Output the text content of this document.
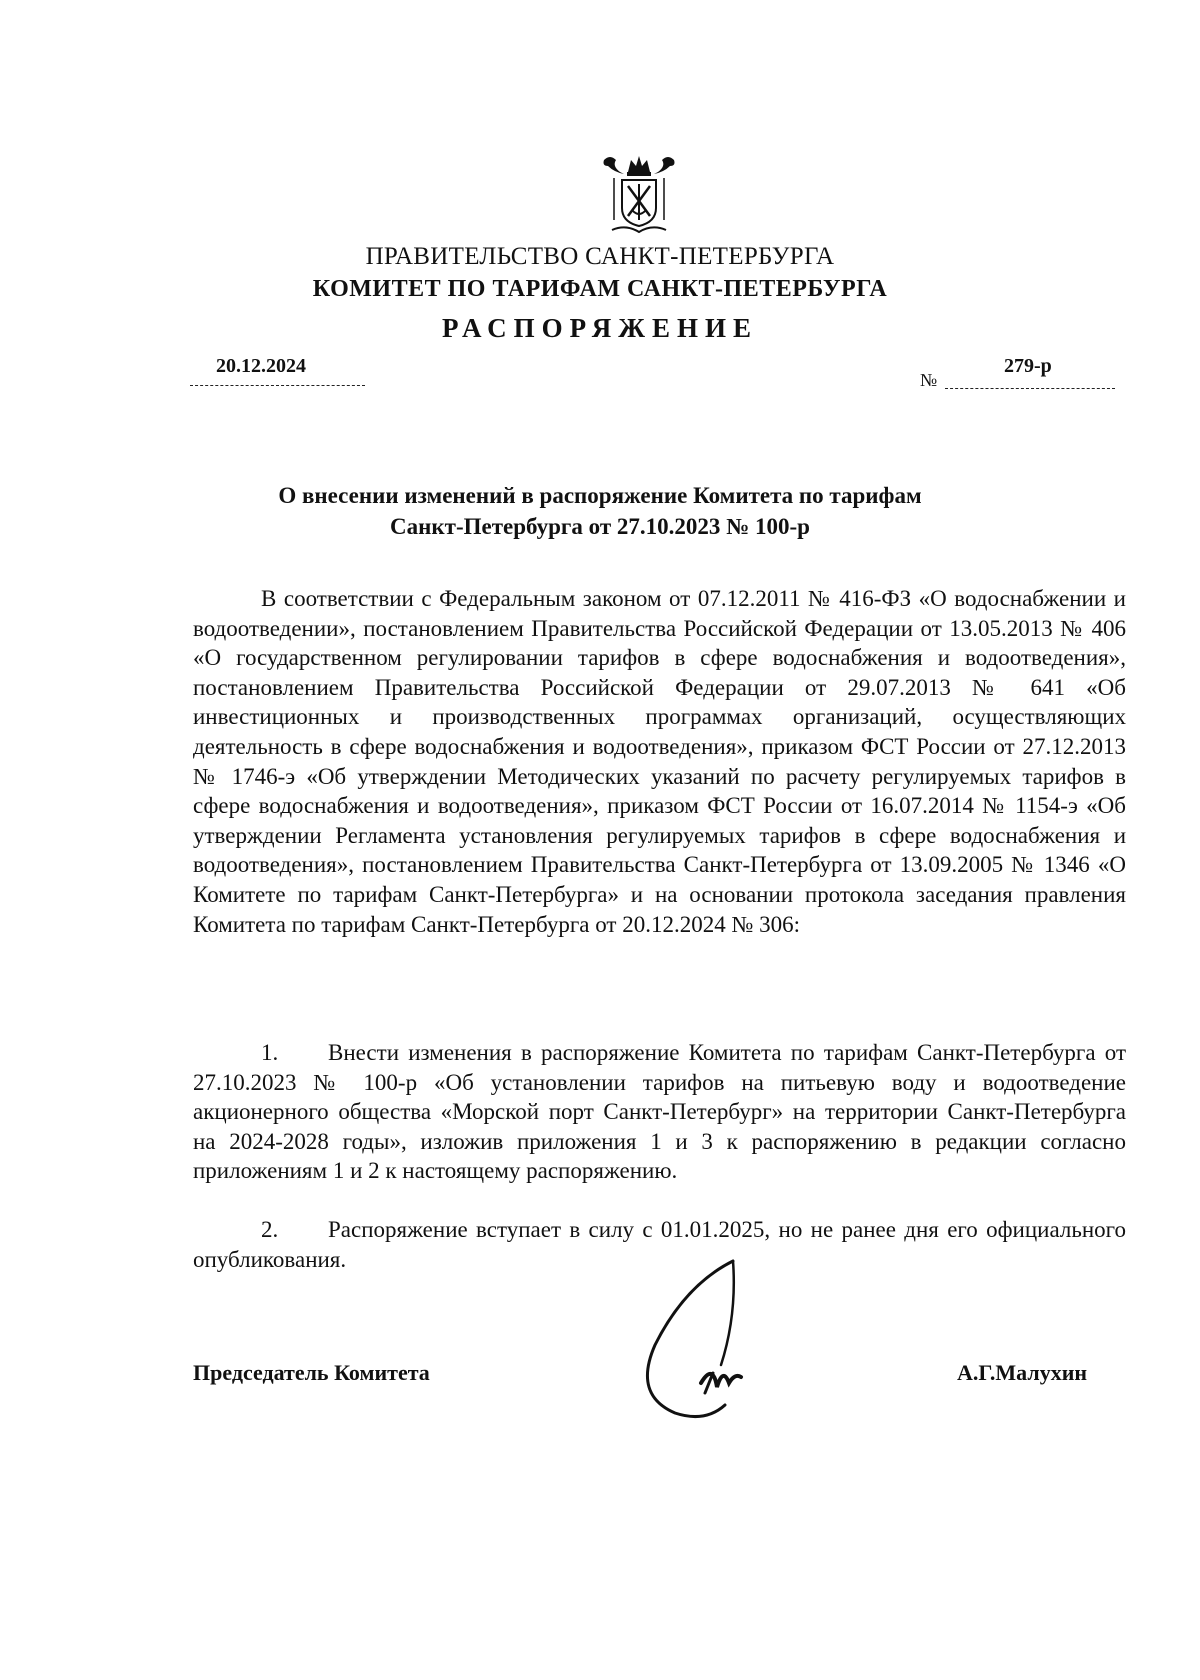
ПРАВИТЕЛЬСТВО САНКТ-ПЕТЕРБУРГА
КОМИТЕТ ПО ТАРИФАМ САНКТ-ПЕТЕРБУРГА
РАСПОРЯЖЕНИЕ
20.12.2024
№
279-р
О внесении изменений в распоряжение Комитета по тарифам
Санкт-Петербурга от 27.10.2023 № 100-р

В соответствии с Федеральным законом от 07.12.2011 № 416-ФЗ «О водоснабжении и водоотведении», постановлением Правительства Российской Федерации от 13.05.2013 № 406 «О государственном регулировании тарифов в сфере водоснабжения и водоотведения», постановлением Правительства Российской Федерации от 29.07.2013 № 641 «Об инвестиционных и производственных программах организаций, осуществляющих деятельность в сфере водоснабжения и водоотведения», приказом ФСТ России от 27.12.2013 № 1746-э «Об утверждении Методических указаний по расчету регулируемых тарифов в сфере водоснабжения и водоотведения», приказом ФСТ России от 16.07.2014 № 1154-э «Об утверждении Регламента установления регулируемых тарифов в сфере водоснабжения и водоотведения», постановлением Правительства Санкт-Петербурга от 13.09.2005 № 1346 «О Комитете по тарифам Санкт-Петербурга» и на основании протокола заседания правления Комитета по тарифам Санкт-Петербурга от 20.12.2024 № 306:

1. Внести изменения в распоряжение Комитета по тарифам Санкт-Петербурга от 27.10.2023 № 100-р «Об установлении тарифов на питьевую воду и водоотведение акционерного общества «Морской порт Санкт-Петербург» на территории Санкт-Петербурга на 2024-2028 годы», изложив приложения 1 и 3 к распоряжению в редакции согласно приложениям 1 и 2 к настоящему распоряжению.

2. Распоряжение вступает в силу с 01.01.2025, но не ранее дня его официального опубликования.

Председатель Комитета	А.Г.Малухин
